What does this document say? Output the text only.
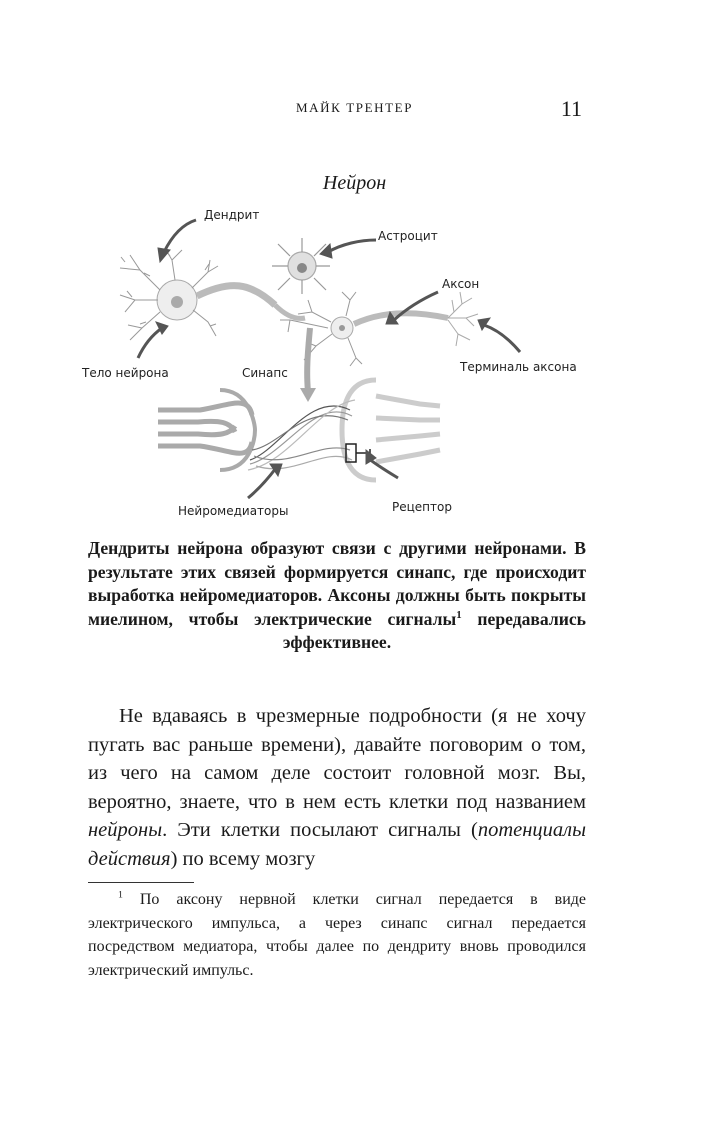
МАЙК ТРЕНТЕР	11
Нейрон
Дендрит
Астроцит
Аксон
Тело нейрона	Синапс	Терминаль аксона
Нейромедиаторы	Рецептор
Дендриты нейрона образуют связи с другими нейронами. В результате этих связей формируется синапс, где происходит выработка нейромедиаторов. Аксоны должны быть покрыты миелином, чтобы электрические сигналы$^1$ передавались эффективнее.

Не вдаваясь в чрезмерные подробности (я не хочу пугать вас раньше времени), давайте поговорим о том, из чего на самом деле состоит головной мозг. Вы, вероятно, знаете, что в нем есть клетки под названием нейроны. Эти клетки посылают сигналы (потенциалы действия) по всему мозгу

$^1$ По аксону нервной клетки сигнал передается в виде электрического импульса, а через синапс сигнал передается посредством медиатора, чтобы далее по дендриту вновь проводился электрический импульс.
